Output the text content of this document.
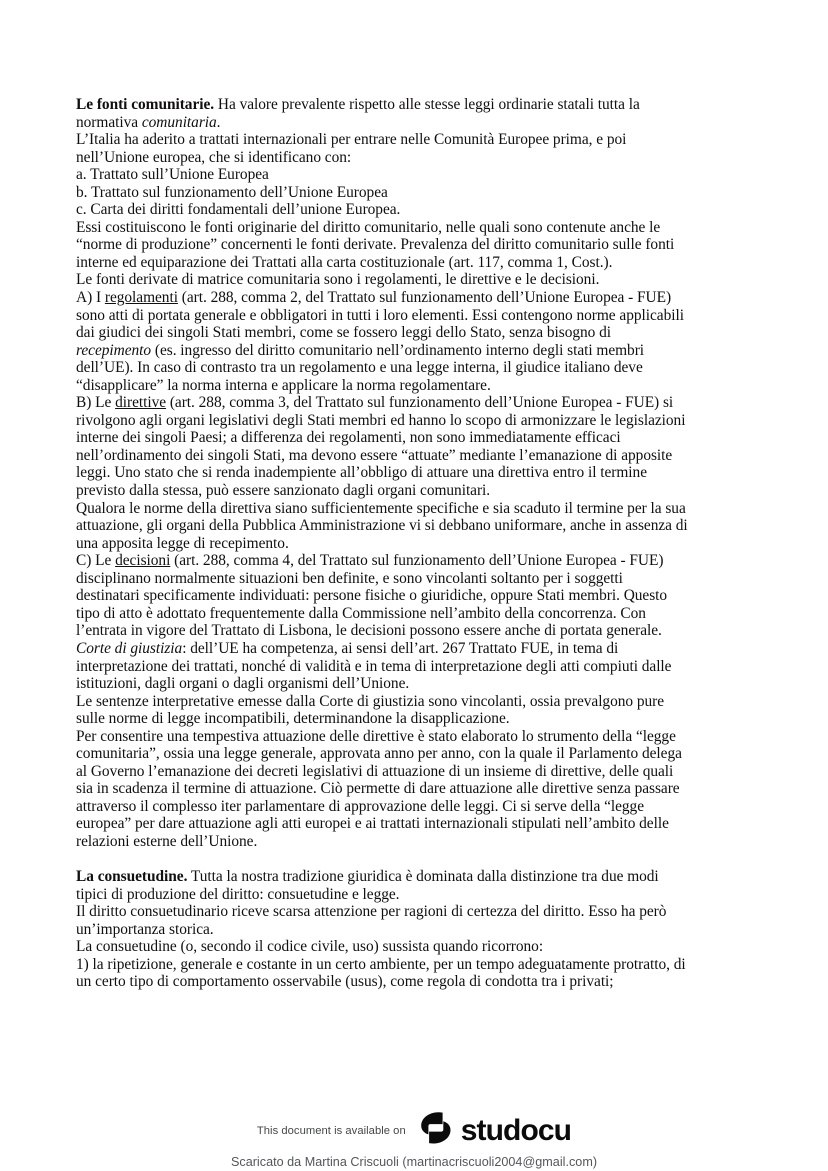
Le fonti comunitarie. Ha valore prevalente rispetto alle stesse leggi ordinarie statali tutta la
normativa comunitaria.
L’Italia ha aderito a trattati internazionali per entrare nelle Comunità Europee prima, e poi
nell’Unione europea, che si identificano con:
a. Trattato sull’Unione Europea
b. Trattato sul funzionamento dell’Unione Europea
c. Carta dei diritti fondamentali dell’unione Europea.
Essi costituiscono le fonti originarie del diritto comunitario, nelle quali sono contenute anche le
“norme di produzione” concernenti le fonti derivate. Prevalenza del diritto comunitario sulle fonti
interne ed equiparazione dei Trattati alla carta costituzionale (art. 117, comma 1, Cost.).
Le fonti derivate di matrice comunitaria sono i regolamenti, le direttive e le decisioni.
A) I regolamenti (art. 288, comma 2, del Trattato sul funzionamento dell’Unione Europea - FUE)
sono atti di portata generale e obbligatori in tutti i loro elementi. Essi contengono norme applicabili
dai giudici dei singoli Stati membri, come se fossero leggi dello Stato, senza bisogno di
recepimento (es. ingresso del diritto comunitario nell’ordinamento interno degli stati membri
dell’UE). In caso di contrasto tra un regolamento e una legge interna, il giudice italiano deve
“disapplicare” la norma interna e applicare la norma regolamentare.
B) Le direttive (art. 288, comma 3, del Trattato sul funzionamento dell’Unione Europea - FUE) si
rivolgono agli organi legislativi degli Stati membri ed hanno lo scopo di armonizzare le legislazioni
interne dei singoli Paesi; a differenza dei regolamenti, non sono immediatamente efficaci
nell’ordinamento dei singoli Stati, ma devono essere “attuate” mediante l’emanazione di apposite
leggi. Uno stato che si renda inadempiente all’obbligo di attuare una direttiva entro il termine
previsto dalla stessa, può essere sanzionato dagli organi comunitari.
Qualora le norme della direttiva siano sufficientemente specifiche e sia scaduto il termine per la sua
attuazione, gli organi della Pubblica Amministrazione vi si debbano uniformare, anche in assenza di
una apposita legge di recepimento.
C) Le decisioni (art. 288, comma 4, del Trattato sul funzionamento dell’Unione Europea - FUE)
disciplinano normalmente situazioni ben definite, e sono vincolanti soltanto per i soggetti
destinatari specificamente individuati: persone fisiche o giuridiche, oppure Stati membri. Questo
tipo di atto è adottato frequentemente dalla Commissione nell’ambito della concorrenza. Con
l’entrata in vigore del Trattato di Lisbona, le decisioni possono essere anche di portata generale.
Corte di giustizia: dell’UE ha competenza, ai sensi dell’art. 267 Trattato FUE, in tema di
interpretazione dei trattati, nonché di validità e in tema di interpretazione degli atti compiuti dalle
istituzioni, dagli organi o dagli organismi dell’Unione.
Le sentenze interpretative emesse dalla Corte di giustizia sono vincolanti, ossia prevalgono pure
sulle norme di legge incompatibili, determinandone la disapplicazione.
Per consentire una tempestiva attuazione delle direttive è stato elaborato lo strumento della “legge
comunitaria”, ossia una legge generale, approvata anno per anno, con la quale il Parlamento delega
al Governo l’emanazione dei decreti legislativi di attuazione di un insieme di direttive, delle quali
sia in scadenza il termine di attuazione. Ciò permette di dare attuazione alle direttive senza passare
attraverso il complesso iter parlamentare di approvazione delle leggi. Ci si serve della “legge
europea” per dare attuazione agli atti europei e ai trattati internazionali stipulati nell’ambito delle
relazioni esterne dell’Unione.
La consuetudine. Tutta la nostra tradizione giuridica è dominata dalla distinzione tra due modi
tipici di produzione del diritto: consuetudine e legge.
Il diritto consuetudinario riceve scarsa attenzione per ragioni di certezza del diritto. Esso ha però
un’importanza storica.
La consuetudine (o, secondo il codice civile, uso) sussista quando ricorrono:
1) la ripetizione, generale e costante in un certo ambiente, per un tempo adeguatamente protratto, di
un certo tipo di comportamento osservabile (usus), come regola di condotta tra i privati;
This document is available on studocu
Scaricato da Martina Criscuoli (martinacriscuoli2004@gmail.com)
